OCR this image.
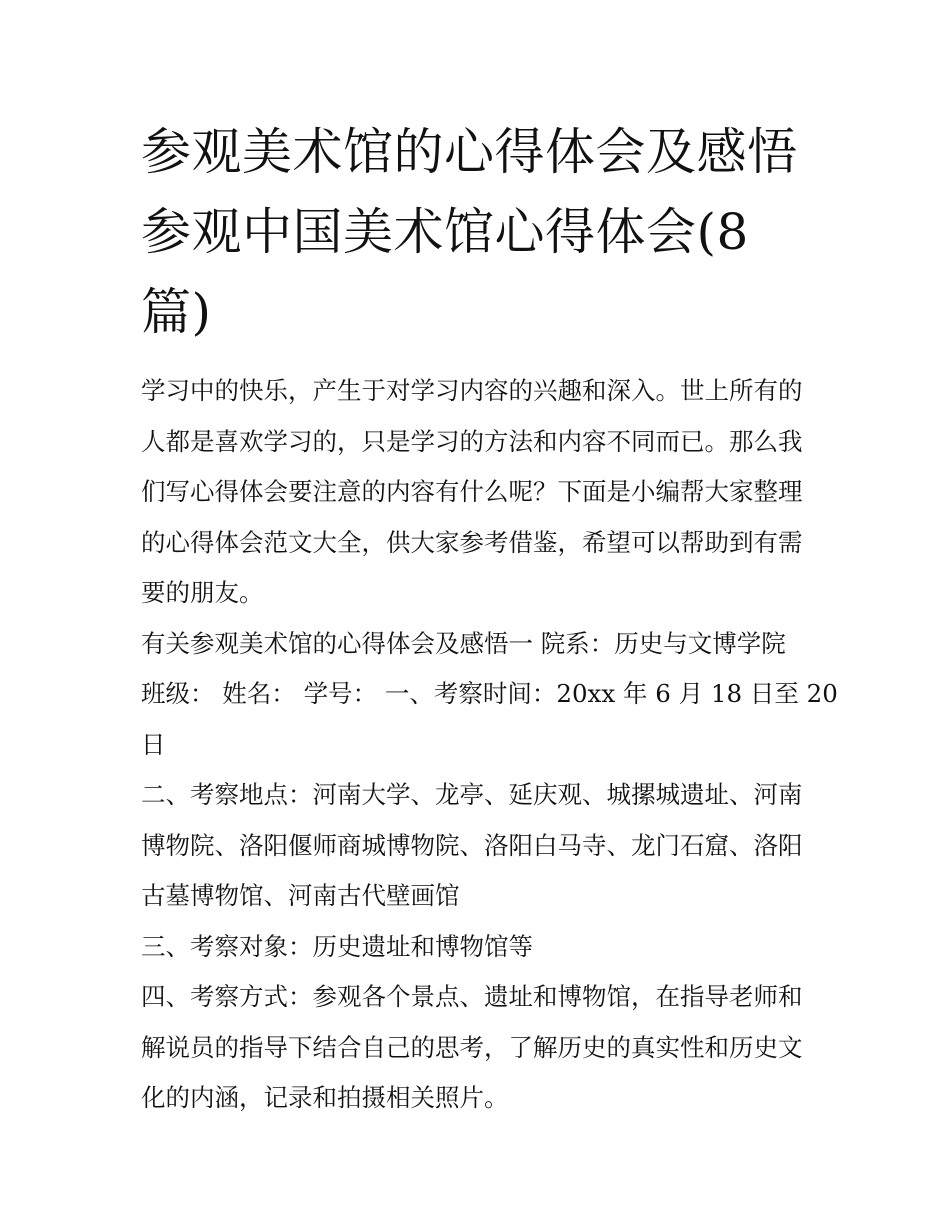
参观美术馆的心得体会及感悟
参观中国美术馆心得体会(8
篇)

学习中的快乐，产生于对学习内容的兴趣和深入。世上所有的
人都是喜欢学习的，只是学习的方法和内容不同而已。那么我
们写心得体会要注意的内容有什么呢？下面是小编帮大家整理
的心得体会范文大全，供大家参考借鉴，希望可以帮助到有需
要的朋友。

有关参观美术馆的心得体会及感悟一 院系：历史与文博学院
班级： 姓名： 学号： 一、考察时间：20xx 年 6 月 18 日至 20
日

二、考察地点：河南大学、龙亭、延庆观、城摞城遗址、河南
博物院、洛阳偃师商城博物院、洛阳白马寺、龙门石窟、洛阳
古墓博物馆、河南古代壁画馆

三、考察对象：历史遗址和博物馆等

四、考察方式：参观各个景点、遗址和博物馆，在指导老师和
解说员的指导下结合自己的思考，了解历史的真实性和历史文
化的内涵，记录和拍摄相关照片。
